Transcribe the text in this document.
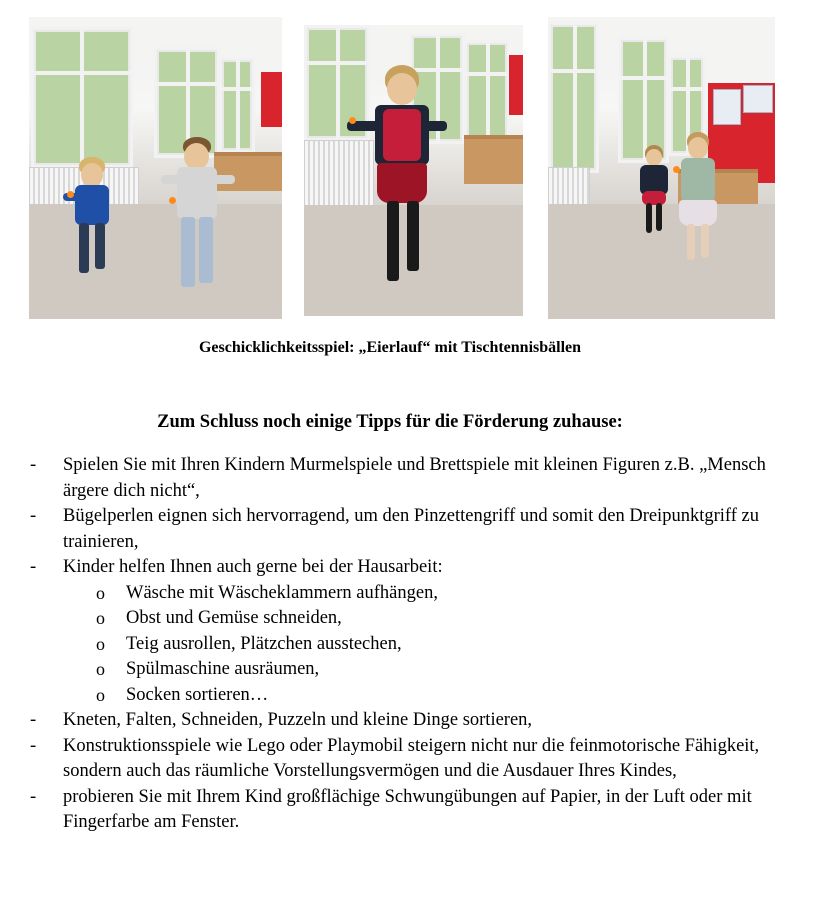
Geschicklichkeitsspiel: „Eierlauf“ mit Tischtennisbällen
Zum Schluss noch einige Tipps für die Förderung zuhause:
- Spielen Sie mit Ihren Kindern Murmelspiele und Brettspiele mit kleinen Figuren z.B. „Mensch ärgere dich nicht“,
- Bügelperlen eignen sich hervorragend, um den Pinzettengriff und somit den Dreipunktgriff zu trainieren,
- Kinder helfen Ihnen auch gerne bei der Hausarbeit:
o Wäsche mit Wäscheklammern aufhängen,
o Obst und Gemüse schneiden,
o Teig ausrollen, Plätzchen ausstechen,
o Spülmaschine ausräumen,
o Socken sortieren…
- Kneten, Falten, Schneiden, Puzzeln und kleine Dinge sortieren,
- Konstruktionsspiele wie Lego oder Playmobil steigern nicht nur die feinmotorische Fähigkeit, sondern auch das räumliche Vorstellungsvermögen und die Ausdauer Ihres Kindes,
- probieren Sie mit Ihrem Kind großflächige Schwungübungen auf Papier, in der Luft oder mit Fingerfarbe am Fenster.
